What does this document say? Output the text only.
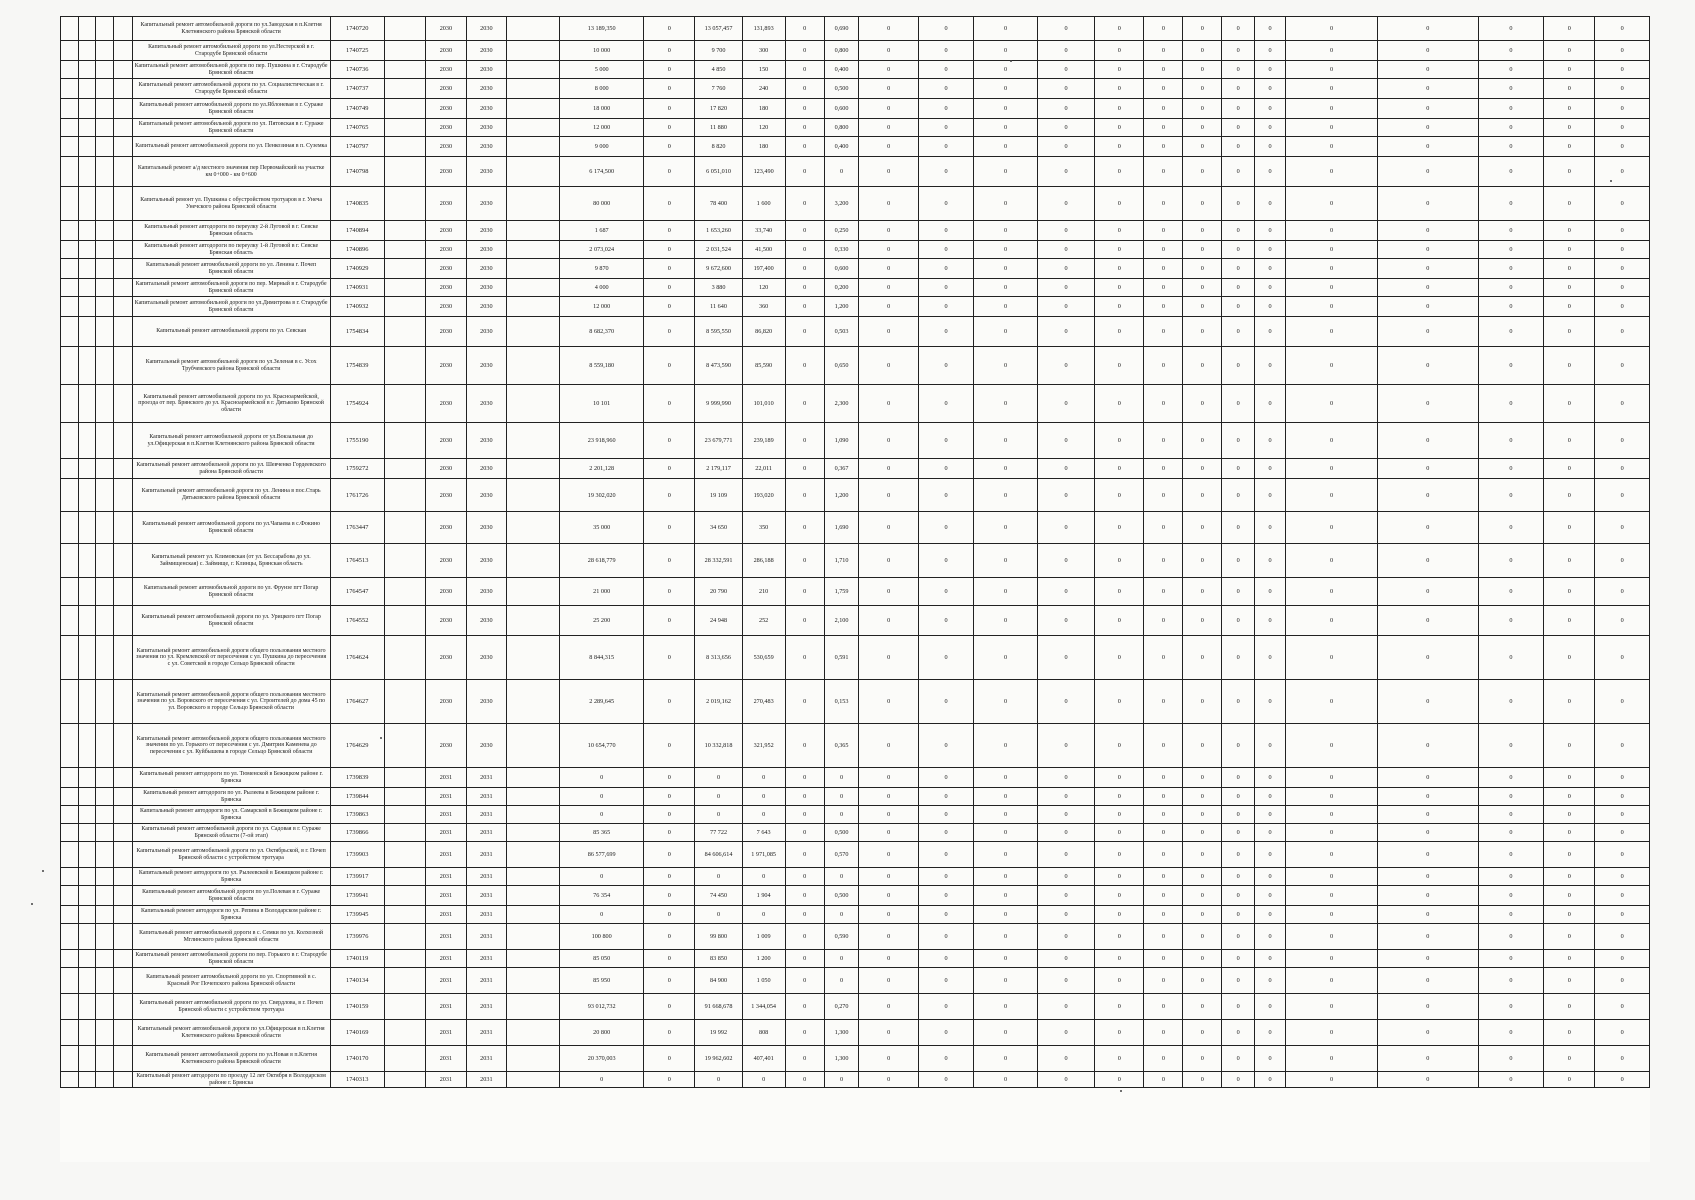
				Капитальный ремонт автомобильной дороги по ул.Заводская в п.Клетня Клетнянского района Брянской области	1740720		2030	2030		13 189,350	0	13 057,457	131,893	0	0,690	0	0	0	0	0	0	0	0	0	0	0	0	0	0
				Капитальный ремонт автомобильной дороги по ул.Нестерской в г. Стародубе Брянской области	1740725		2030	2030		10 000	0	9 700	300	0	0,800	0	0	0	0	0	0	0	0	0	0	0	0	0	0
				Капитальный ремонт автомобильной дороги по пер. Пушкина в г. Стародубе Брянской области	1740736		2030	2030		5 000	0	4 850	150	0	0,400	0	0	0	0	0	0	0	0	0	0	0	0	0	0
				Капитальный ремонт автомобильной дороги по ул. Социалистическая в г. Стародубе Брянской области	1740737		2030	2030		8 000	0	7 760	240	0	0,500	0	0	0	0	0	0	0	0	0	0	0	0	0	0
				Капитальный ремонт автомобильной дороги по ул.Яблоневая в г. Сураже Брянской области	1740749		2030	2030		18 000	0	17 820	180	0	0,600	0	0	0	0	0	0	0	0	0	0	0	0	0	0
				Капитальный ремонт автомобильной дороги по ул. Пятовская в г. Сураже Брянской области	1740765		2030	2030		12 000	0	11 880	120	0	0,800	0	0	0	0	0	0	0	0	0	0	0	0	0	0
				Капитальный ремонт автомобильной дороги по ул. Пенкозиная в п. Суземка	1740797		2030	2030		9 000	0	8 820	180	0	0,400	0	0	0	0	0	0	0	0	0	0	0	0	0	0
				Капитальный ремонт а/д местного значения пер Первомайский на участке км 0+000 - км 0+600	1740798		2030	2030		6 174,500	0	6 051,010	123,490	0	0	0	0	0	0	0	0	0	0	0	0	0	0	0	0
				Капитальный ремонт ул. Пушкина с обустройством тротуаров в г. Унеча Унечского района Брянской области	1740835		2030	2030		80 000	0	78 400	1 600	0	3,200	0	0	0	0	0	0	0	0	0	0	0	0	0	0
				Капитальный ремонт автодороги по переулку 2-й Луговой в г. Севске Брянская область	1740894		2030	2030		1 687	0	1 653,260	33,740	0	0,250	0	0	0	0	0	0	0	0	0	0	0	0	0	0
				Капитальный ремонт автодороги по переулку 1-й Луговой в г. Севске Брянская область	1740896		2030	2030		2 073,024	0	2 031,524	41,500	0	0,330	0	0	0	0	0	0	0	0	0	0	0	0	0	0
				Капитальный ремонт автомобильной дороги по ул. Ленина г. Почеп Брянской области	1740929		2030	2030		9 870	0	9 672,600	197,400	0	0,600	0	0	0	0	0	0	0	0	0	0	0	0	0	0
				Капитальный ремонт автомобильной дороги по пер. Мирный в г. Стародубе Брянской области	1740931		2030	2030		4 000	0	3 880	120	0	0,200	0	0	0	0	0	0	0	0	0	0	0	0	0	0
				Капитальный ремонт автомобильной дороги по ул.Димитрова в г. Стародубе Брянской области	1740932		2030	2030		12 000	0	11 640	360	0	1,200	0	0	0	0	0	0	0	0	0	0	0	0	0	0
				Капитальный ремонт автомобильной дороги по ул. Севская	1754834		2030	2030		8 682,370	0	8 595,550	86,820	0	0,503	0	0	0	0	0	0	0	0	0	0	0	0	0	0
				Капитальный ремонт автомобильной дороги по ул.Зеленая в с. Усох Трубчевского района Брянской области	1754839		2030	2030		8 559,180	0	8 473,590	85,590	0	0,650	0	0	0	0	0	0	0	0	0	0	0	0	0	0
				Капитальный ремонт автомобильной дороги по ул. Красноармейской, проезда от пер. Брянского до ул. Красноармейской в г. Дятьково Брянской области	1754924		2030	2030		10 101	0	9 999,990	101,010	0	2,300	0	0	0	0	0	0	0	0	0	0	0	0	0	0
				Капитальный ремонт автомобильной дороги от ул.Вокзальная до ул.Офицерская в п.Клетня Клетнянского района Брянской области	1755190		2030	2030		23 918,960	0	23 679,771	239,189	0	1,090	0	0	0	0	0	0	0	0	0	0	0	0	0	0
				Капитальный ремонт автомобильной дороги по ул. Шевченко Гордеевского района Брянской области	1759272		2030	2030		2 201,128	0	2 179,117	22,011	0	0,367	0	0	0	0	0	0	0	0	0	0	0	0	0	0
				Капитальный ремонт автомобильной дороги по ул. Ленина в пос.Старь Дятьковского района Брянской области	1761726		2030	2030		19 302,020	0	19 109	193,020	0	1,200	0	0	0	0	0	0	0	0	0	0	0	0	0	0
				Капитальный ремонт автомобильной дороги по ул.Чапаева в с.Фокино Брянской области	1763447		2030	2030		35 000	0	34 650	350	0	1,690	0	0	0	0	0	0	0	0	0	0	0	0	0	0
				Капитальный ремонт ул. Климовская (от ул. Бессарабова до ул. Займищенская) с. Займище, г. Клинцы, Брянская область	1764513		2030	2030		28 618,779	0	28 332,591	286,188	0	1,710	0	0	0	0	0	0	0	0	0	0	0	0	0	0
				Капитальный ремонт автомобильной дороги по ул. Фрунзе пгт Погар Брянской области	1764547		2030	2030		21 000	0	20 790	210	0	1,759	0	0	0	0	0	0	0	0	0	0	0	0	0	0
				Капитальный ремонт автомобильной дороги по ул. Урицкого пгт Погар Брянской области	1764552		2030	2030		25 200	0	24 948	252	0	2,100	0	0	0	0	0	0	0	0	0	0	0	0	0	0
				Капитальный ремонт автомобильной дороги общего пользования местного значения по ул. Кремлевской от пересечения с ул. Пушкина до пересечения с ул. Советской в городе Сельцо Брянской области	1764624		2030	2030		8 844,315	0	8 313,656	530,659	0	0,591	0	0	0	0	0	0	0	0	0	0	0	0	0	0
				Капитальный ремонт автомобильной дороги общего пользования местного значения по ул. Воровского от пересечения с ул. Строителей до дома 45 по ул. Воровского в городе Сельцо Брянской области	1764627		2030	2030		2 289,645	0	2 019,162	270,483	0	0,153	0	0	0	0	0	0	0	0	0	0	0	0	0	0
				Капитальный ремонт автомобильной дороги общего пользования местного значения по ул. Горького от пересечения с ул. Дмитрия Каменева до пересечения с ул. Куйбышева в городе Сельцо Брянской области	1764629		2030	2030		10 654,770	0	10 332,818	321,952	0	0,365	0	0	0	0	0	0	0	0	0	0	0	0	0	0
				Капитальный ремонт автодороги по ул. Тюменской в Бежицком районе г. Брянска	1739839		2031	2031		0	0	0	0	0	0	0	0	0	0	0	0	0	0	0	0	0	0	0	0
				Капитальный ремонт автодороги по ул. Рылеева в Бежицком районе г. Брянска	1739844		2031	2031		0	0	0	0	0	0	0	0	0	0	0	0	0	0	0	0	0	0	0	0
				Капитальный ремонт автодороги по ул. Самарской в Бежицком районе г. Брянска	1739863		2031	2031		0	0	0	0	0	0	0	0	0	0	0	0	0	0	0	0	0	0	0	0
				Капитальный ремонт автомобильной дороги по ул. Садовая в г. Сураже Брянской области (7-ой этап)	1739866		2031	2031		85 365	0	77 722	7 643	0	0,500	0	0	0	0	0	0	0	0	0	0	0	0	0	0
				Капитальный ремонт автомобильной дороги по ул. Октябрьской, в г. Почеп Брянской области с устройством тротуара	1739903		2031	2031		86 577,699	0	84 606,614	1 971,085	0	0,570	0	0	0	0	0	0	0	0	0	0	0	0	0	0
				Капитальный ремонт автодороги по ул. Рылеевской в Бежицком районе г. Брянска	1739917		2031	2031		0	0	0	0	0	0	0	0	0	0	0	0	0	0	0	0	0	0	0	0
				Капитальный ремонт автомобильной дороги по ул.Полевая в г. Сураже Брянской области	1739941		2031	2031		76 354	0	74 450	1 904	0	0,500	0	0	0	0	0	0	0	0	0	0	0	0	0	0
				Капитальный ремонт автодороги по ул. Репина в Володарском районе г. Брянска	1739945		2031	2031		0	0	0	0	0	0	0	0	0	0	0	0	0	0	0	0	0	0	0	0
				Капитальный ремонт автомобильной дороги в с. Семки по ул. Колхозной Мглинского района Брянской области	1739976		2031	2031		100 800	0	99 800	1 009	0	0,590	0	0	0	0	0	0	0	0	0	0	0	0	0	0
				Капитальный ремонт автомобильной дороги по пер. Горького в г. Стародубе Брянской области	1740119		2031	2031		85 050	0	83 850	1 200	0	0	0	0	0	0	0	0	0	0	0	0	0	0	0	0
				Капитальный ремонт автомобильной дороги по ул. Спортивной в с. Красный Рог Почепского района Брянской области	1740134		2031	2031		85 950	0	84 900	1 050	0	0	0	0	0	0	0	0	0	0	0	0	0	0	0	0
				Капитальный ремонт автомобильной дороги по ул. Свердлова, в г. Почеп Брянской области с устройством тротуара	1740159		2031	2031		93 012,732	0	91 668,678	1 344,054	0	0,270	0	0	0	0	0	0	0	0	0	0	0	0	0	0
				Капитальный ремонт автомобильной дороги по ул.Офицерская в п.Клетня Клетнянского района Брянской области	1740169		2031	2031		20 800	0	19 992	808	0	1,300	0	0	0	0	0	0	0	0	0	0	0	0	0	0
				Капитальный ремонт автомобильной дороги по ул.Новая в п.Клетня Клетнянского района Брянской области	1740170		2031	2031		20 370,003	0	19 962,602	407,401	0	1,300	0	0	0	0	0	0	0	0	0	0	0	0	0	0
				Капитальный ремонт автодороги по проезду 12 лет Октября в Володарском районе г. Брянска	1740313		2031	2031		0	0	0	0	0	0	0	0	0	0	0	0	0	0	0	0	0	0	0	0
